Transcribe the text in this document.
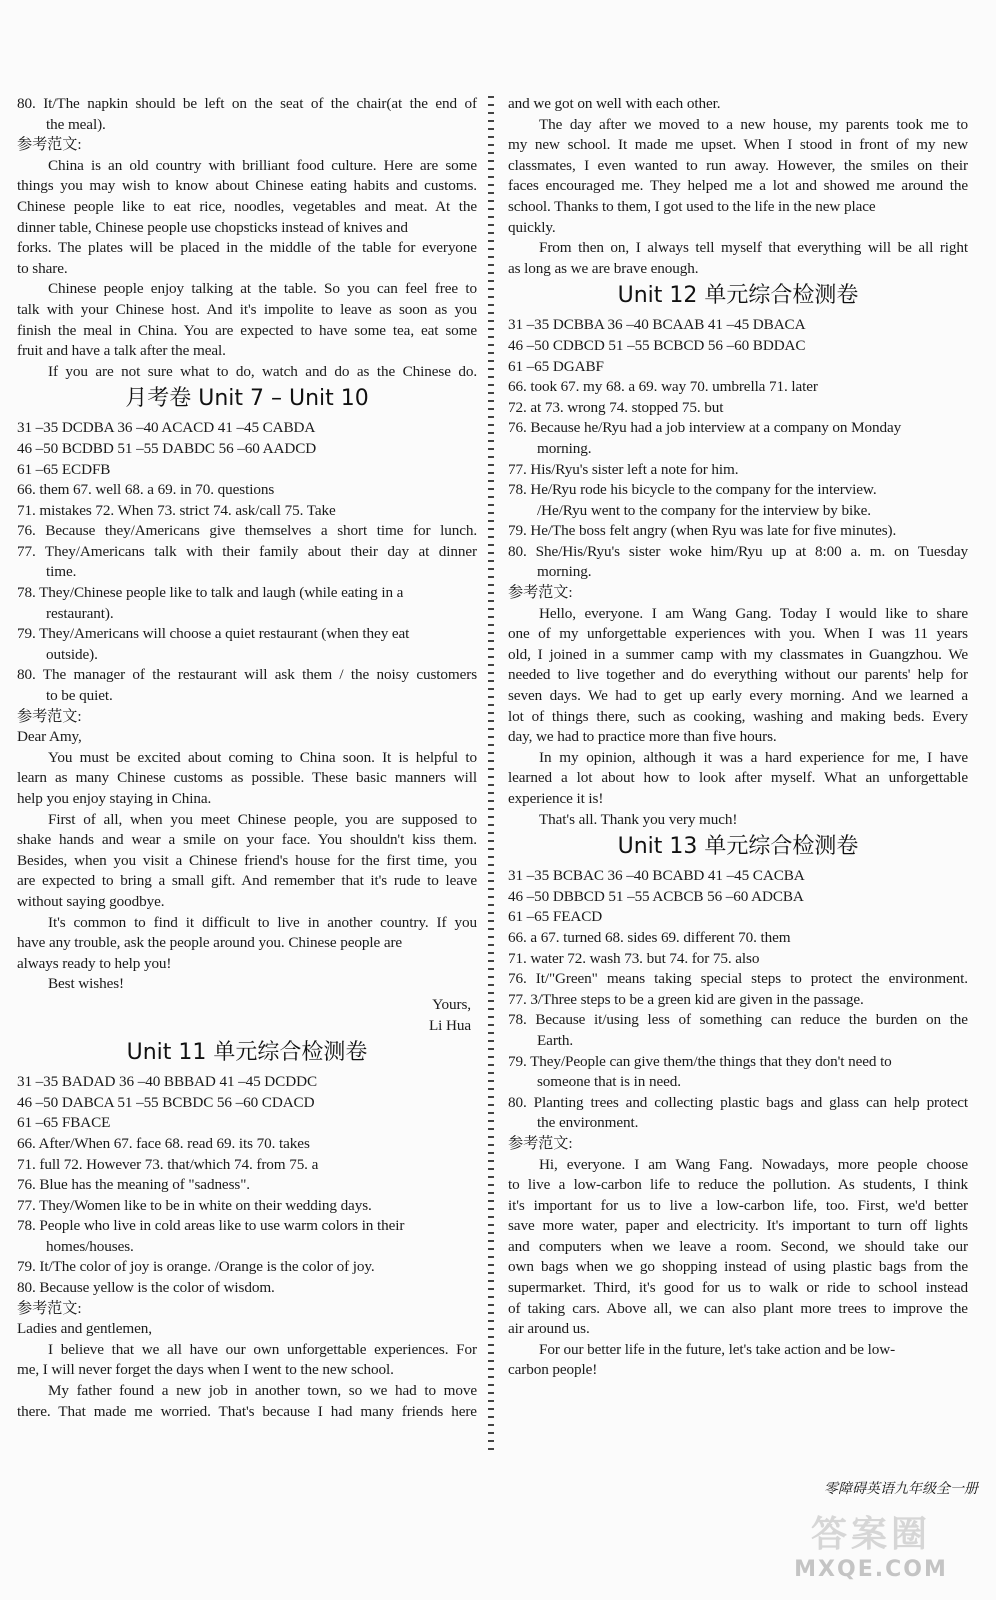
80. It/The napkin should be left on the seat of the chair(at the end of

the meal).

参考范文:

China is an old country with brilliant food culture. Here are some

things you may wish to know about Chinese eating habits and customs.

Chinese people like to eat rice, noodles, vegetables and meat. At the

dinner table, Chinese people use chopsticks instead of knives and

forks. The plates will be placed in the middle of the table for everyone

to share.

Chinese people enjoy talking at the table. So you can feel free to

talk with your Chinese host. And it's impolite to leave as soon as you

finish the meal in China. You are expected to have some tea, eat some

fruit and have a talk after the meal.

If you are not sure what to do, watch and do as the Chinese do.

月考卷 Unit 7 – Unit 10

31 –35 DCDBA 36 –40 ACACD 41 –45 CABDA

46 –50 BCDBD 51 –55 DABDC 56 –60 AADCD

61 –65 ECDFB

66. them 67. well 68. a 69. in 70. questions

71. mistakes 72. When 73. strict 74. ask/call 75. Take

76. Because they/Americans give themselves a short time for lunch.

77. They/Americans talk with their family about their day at dinner

time.

78. They/Chinese people like to talk and laugh (while eating in a

restaurant).

79. They/Americans will choose a quiet restaurant (when they eat

outside).

80. The manager of the restaurant will ask them / the noisy customers

to be quiet.

参考范文:

Dear Amy,

You must be excited about coming to China soon. It is helpful to

learn as many Chinese customs as possible. These basic manners will

help you enjoy staying in China.

First of all, when you meet Chinese people, you are supposed to

shake hands and wear a smile on your face. You shouldn't kiss them.

Besides, when you visit a Chinese friend's house for the first time, you

are expected to bring a small gift. And remember that it's rude to leave

without saying goodbye.

It's common to find it difficult to live in another country. If you

have any trouble, ask the people around you. Chinese people are

always ready to help you!

Best wishes!

Yours,

Li Hua

Unit 11 单元综合检测卷

31 –35 BADAD 36 –40 BBBAD 41 –45 DCDDC

46 –50 DABCA 51 –55 BCBDC 56 –60 CDACD

61 –65 FBACE

66. After/When 67. face 68. read 69. its 70. takes

71. full 72. However 73. that/which 74. from 75. a

76. Blue has the meaning of "sadness".

77. They/Women like to be in white on their wedding days.

78. People who live in cold areas like to use warm colors in their

homes/houses.

79. It/The color of joy is orange. /Orange is the color of joy.

80. Because yellow is the color of wisdom.

参考范文:

Ladies and gentlemen,

I believe that we all have our own unforgettable experiences. For

me, I will never forget the days when I went to the new school.

My father found a new job in another town, so we had to move

there. That made me worried. That's because I had many friends here

and we got on well with each other.

The day after we moved to a new house, my parents took me to

my new school. It made me upset. When I stood in front of my new

classmates, I even wanted to run away. However, the smiles on their

faces encouraged me. They helped me a lot and showed me around the

school. Thanks to them, I got used to the life in the new place

quickly.

From then on, I always tell myself that everything will be all right

as long as we are brave enough.

Unit 12 单元综合检测卷

31 –35 DCBBA 36 –40 BCAAB 41 –45 DBACA

46 –50 CDBCD 51 –55 BCBCD 56 –60 BDDAC

61 –65 DGABF

66. took 67. my 68. a 69. way 70. umbrella 71. later

72. at 73. wrong 74. stopped 75. but

76. Because he/Ryu had a job interview at a company on Monday

morning.

77. His/Ryu's sister left a note for him.

78. He/Ryu rode his bicycle to the company for the interview.

/He/Ryu went to the company for the interview by bike.

79. He/The boss felt angry (when Ryu was late for five minutes).

80. She/His/Ryu's sister woke him/Ryu up at 8:00 a. m. on Tuesday

morning.

参考范文:

Hello, everyone. I am Wang Gang. Today I would like to share

one of my unforgettable experiences with you. When I was 11 years

old, I joined in a summer camp with my classmates in Guangzhou. We

needed to live together and do everything without our parents' help for

seven days. We had to get up early every morning. And we learned a

lot of things there, such as cooking, washing and making beds. Every

day, we had to practice more than five hours.

In my opinion, although it was a hard experience for me, I have

learned a lot about how to look after myself. What an unforgettable

experience it is!

That's all. Thank you very much!

Unit 13 单元综合检测卷

31 –35 BCBAC 36 –40 BCABD 41 –45 CACBA

46 –50 DBBCD 51 –55 ACBCB 56 –60 ADCBA

61 –65 FEACD

66. a 67. turned 68. sides 69. different 70. them

71. water 72. wash 73. but 74. for 75. also

76. It/"Green" means taking special steps to protect the environment.

77. 3/Three steps to be a green kid are given in the passage.

78. Because it/using less of something can reduce the burden on the

Earth.

79. They/People can give them/the things that they don't need to

someone that is in need.

80. Planting trees and collecting plastic bags and glass can help protect

the environment.

参考范文:

Hi, everyone. I am Wang Fang. Nowadays, more people choose

to live a low-carbon life to reduce the pollution. As students, I think

it's important for us to live a low-carbon life, too. First, we'd better

save more water, paper and electricity. It's important to turn off lights

and computers when we leave a room. Second, we should take our

own bags when we go shopping instead of using plastic bags from the

supermarket. Third, it's good for us to walk or ride to school instead

of taking cars. Above all, we can also plant more trees to improve the

air around us.

For our better life in the future, let's take action and be low-

carbon people!

零障碍英语九年级全一册
答案圈
MXQE.COM
